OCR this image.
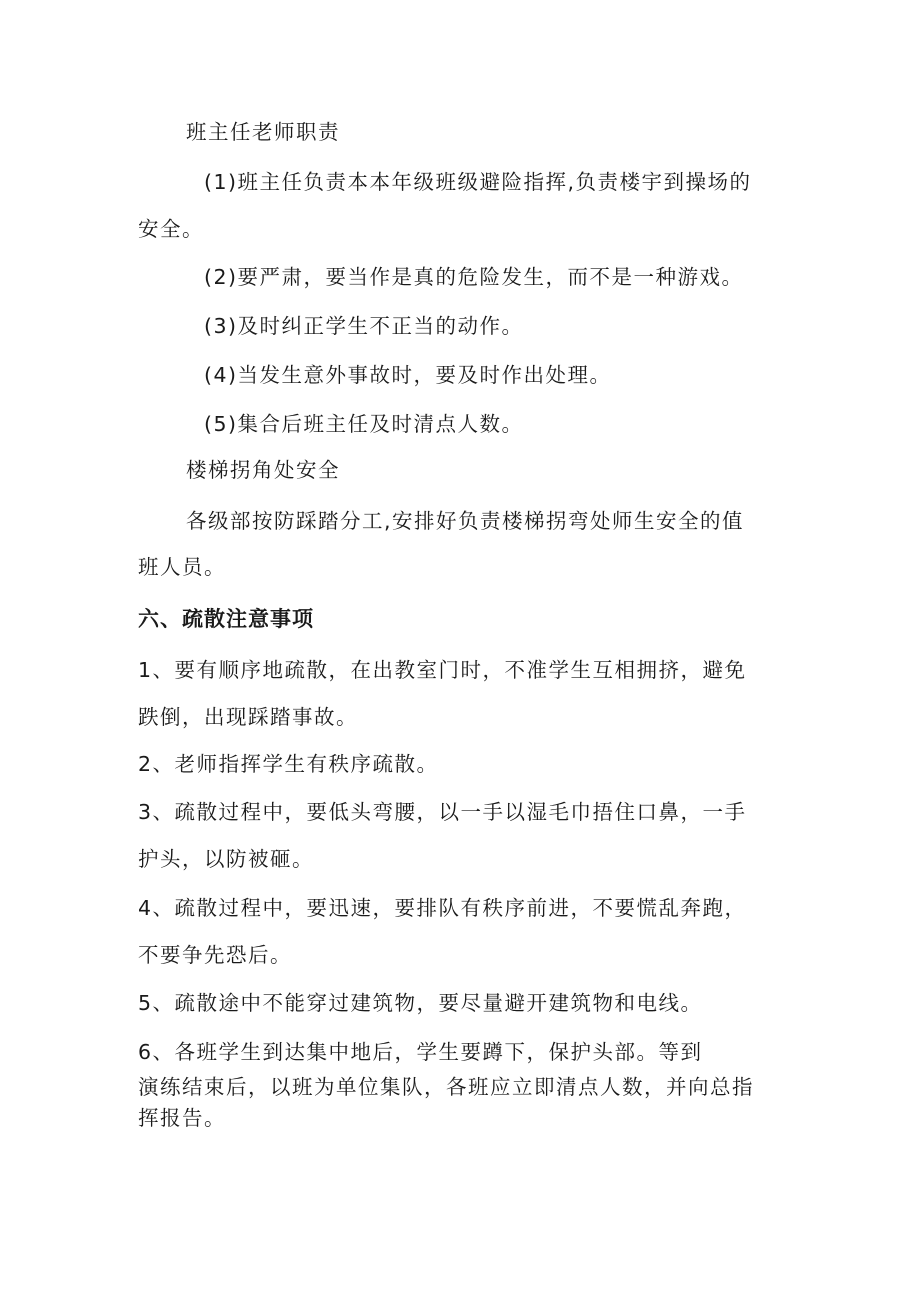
班主任老师职责
(1)班主任负责本本年级班级避险指挥,负责楼宇到操场的
安全。
(2)要严肃，要当作是真的危险发生，而不是一种游戏。
(3)及时纠正学生不正当的动作。
(4)当发生意外事故时，要及时作出处理。
(5)集合后班主任及时清点人数。
楼梯拐角处安全
各级部按防踩踏分工,安排好负责楼梯拐弯处师生安全的值
班人员。
六、疏散注意事项
1、要有顺序地疏散，在出教室门时，不准学生互相拥挤，避免
跌倒，出现踩踏事故。
2、老师指挥学生有秩序疏散。
3、疏散过程中，要低头弯腰，以一手以湿毛巾捂住口鼻，一手
护头，以防被砸。
4、疏散过程中，要迅速，要排队有秩序前进，不要慌乱奔跑，
不要争先恐后。
5、疏散途中不能穿过建筑物，要尽量避开建筑物和电线。
6、各班学生到达集中地后，学生要蹲下，保护头部。等到
演练结束后，以班为单位集队，各班应立即清点人数，并向总指
挥报告。
